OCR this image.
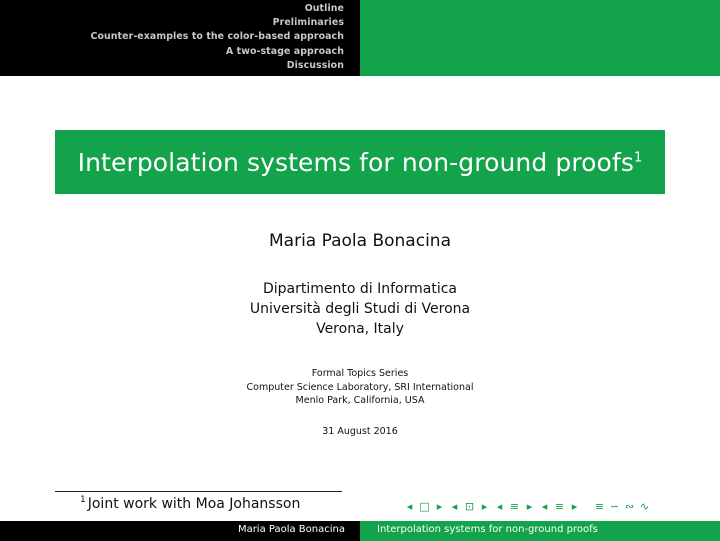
Outline
Preliminaries
Counter-examples to the color-based approach
A two-stage approach
Discussion
Interpolation systems for non-ground proofs$^1$
Maria Paola Bonacina
Dipartimento di Informatica
Università degli Studi di Verona
Verona, Italy
Formal Topics Series
Computer Science Laboratory, SRI International
Menlo Park, California, USA
31 August 2016
$^1$ Joint work with Moa Johansson	◂ □ ▸ ◂ ⊡ ▸ ◂ ≡ ▸ ◂ ≡ ▸	≡ ∽ ∾ ∿
Maria Paola Bonacina	Interpolation systems for non-ground proofs
